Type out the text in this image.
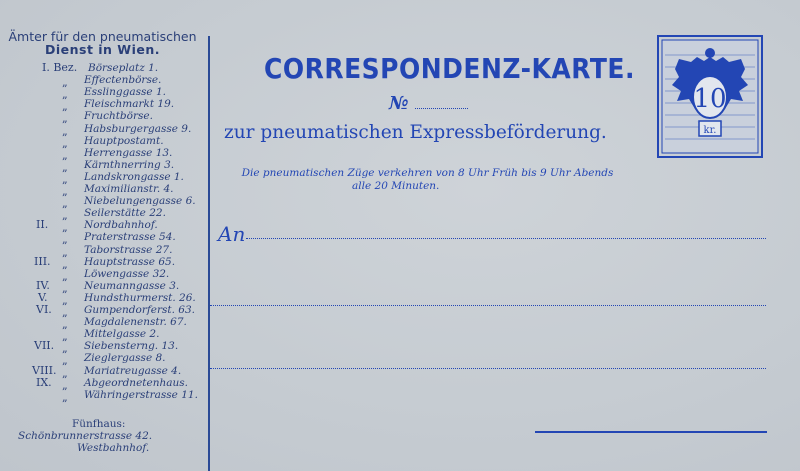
Ämter für den pneumatischen
Dienst in Wien.
I. Bez. Börseplatz 1.
„ Effectenbörse.
„ Esslinggasse 1.
„ Fleischmarkt 19.
„ Fruchtbörse.
„ Habsburgergasse 9.
„ Hauptpostamt.
„ Herrengasse 13.
„ Kärnthnerring 3.
„ Landskrongasse 1.
„ Maximilianstr. 4.
„ Niebelungengasse 6.
„ Seilerstätte 22.
II. „ Nordbahnhof.
„ Praterstrasse 54.
„ Taborstrasse 27.
III. „ Hauptstrasse 65.
„ Löwengasse 32.
IV. „ Neumanngasse 3.
V. „ Hundsthurmerst. 26.
VI. „ Gumpendorferst. 63.
„ Magdalenenstr. 67.
„ Mittelgasse 2.
VII. „ Siebensterng. 13.
„ Zieglergasse 8.
VIII. „ Mariatreugasse 4.
IX. „ Abgeordnetenhaus.
„ Währingerstrasse 11.
Fünfhaus:
Schönbrunnerstrasse 42.
Westbahnhof.
CORRESPONDENZ-KARTE.
№
zur pneumatischen Expressbeförderung.
Die pneumatischen Züge verkehren von 8 Uhr Früh bis 9 Uhr Abends
alle 20 Minuten.
An
10
kr.
